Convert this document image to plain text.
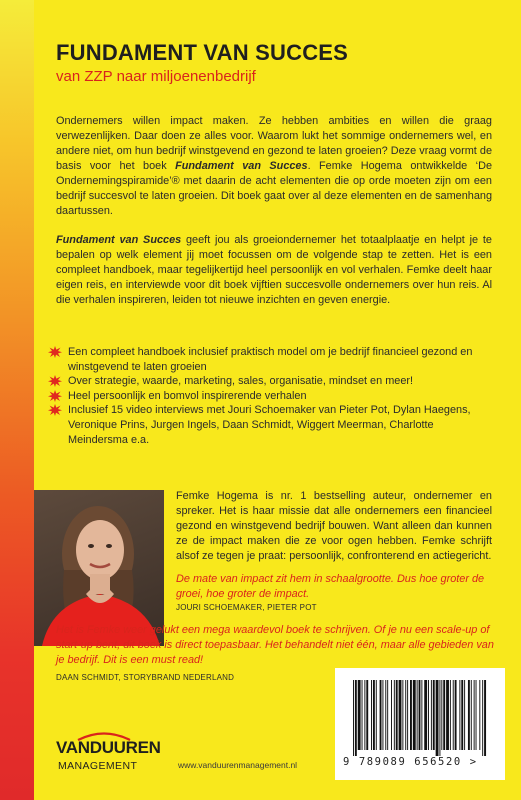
FUNDAMENT VAN SUCCES

van ZZP naar miljoenenbedrijf

Ondernemers willen impact maken. Ze hebben ambities en willen die graag verwezenlijken. Daar doen ze alles voor. Waarom lukt het sommige ondernemers wel, en andere niet, om hun bedrijf winstgevend en gezond te laten groeien? Deze vraag vormt de basis voor het boek Fundament van Succes. Femke Hogema ontwikkelde ‘De Ondernemingspiramide’® met daarin de acht elementen die op orde moeten zijn om een bedrijf succesvol te laten groeien. Dit boek gaat over al deze elementen en de samenhang daartussen.

Fundament van Succes geeft jou als groeiondernemer het totaalplaatje en helpt je te bepalen op welk element jij moet focussen om de volgende stap te zetten. Het is een compleet handboek, maar tegelijkertijd heel persoonlijk en vol verhalen. Femke deelt haar eigen reis, en interviewde voor dit boek vijftien succesvolle ondernemers over hun reis. Al die verhalen inspireren, leiden tot nieuwe inzichten en geven energie.

Een compleet handboek inclusief praktisch model om je bedrijf financieel gezond en winstgevend te laten groeien
Over strategie, waarde, marketing, sales, organisatie, mindset en meer!
Heel persoonlijk en bomvol inspirerende verhalen
Inclusief 15 video interviews met Jouri Schoemaker van Pieter Pot, Dylan Haegens, Veronique Prins, Jurgen Ingels, Daan Schmidt, Wiggert Meerman, Charlotte Meindersma e.a.

Femke Hogema is nr. 1 bestselling auteur, ondernemer en spreker. Het is haar missie dat alle ondernemers een financieel gezond en winstgevend bedrijf bouwen. Want alleen dan kunnen ze de impact maken die ze voor ogen hebben. Femke schrijft alsof ze tegen je praat: persoonlijk, confronterend en actiegericht.

De mate van impact zit hem in schaalgrootte. Dus hoe groter de groei, hoe groter de impact.

JOURI SCHOEMAKER, PIETER POT

Het is Femke weer gelukt een mega waardevol boek te schrijven. Of je nu een scale-up of start-up bent, dit boek is direct toepasbaar. Het behandelt niet één, maar alle gebieden van je bedrijf. Dit is een must read!

DAAN SCHMIDT, STORYBRAND NEDERLAND

VANDUUREN

MANAGEMENT	www.vanduurenmanagement.nl	9 789089 656520 >
